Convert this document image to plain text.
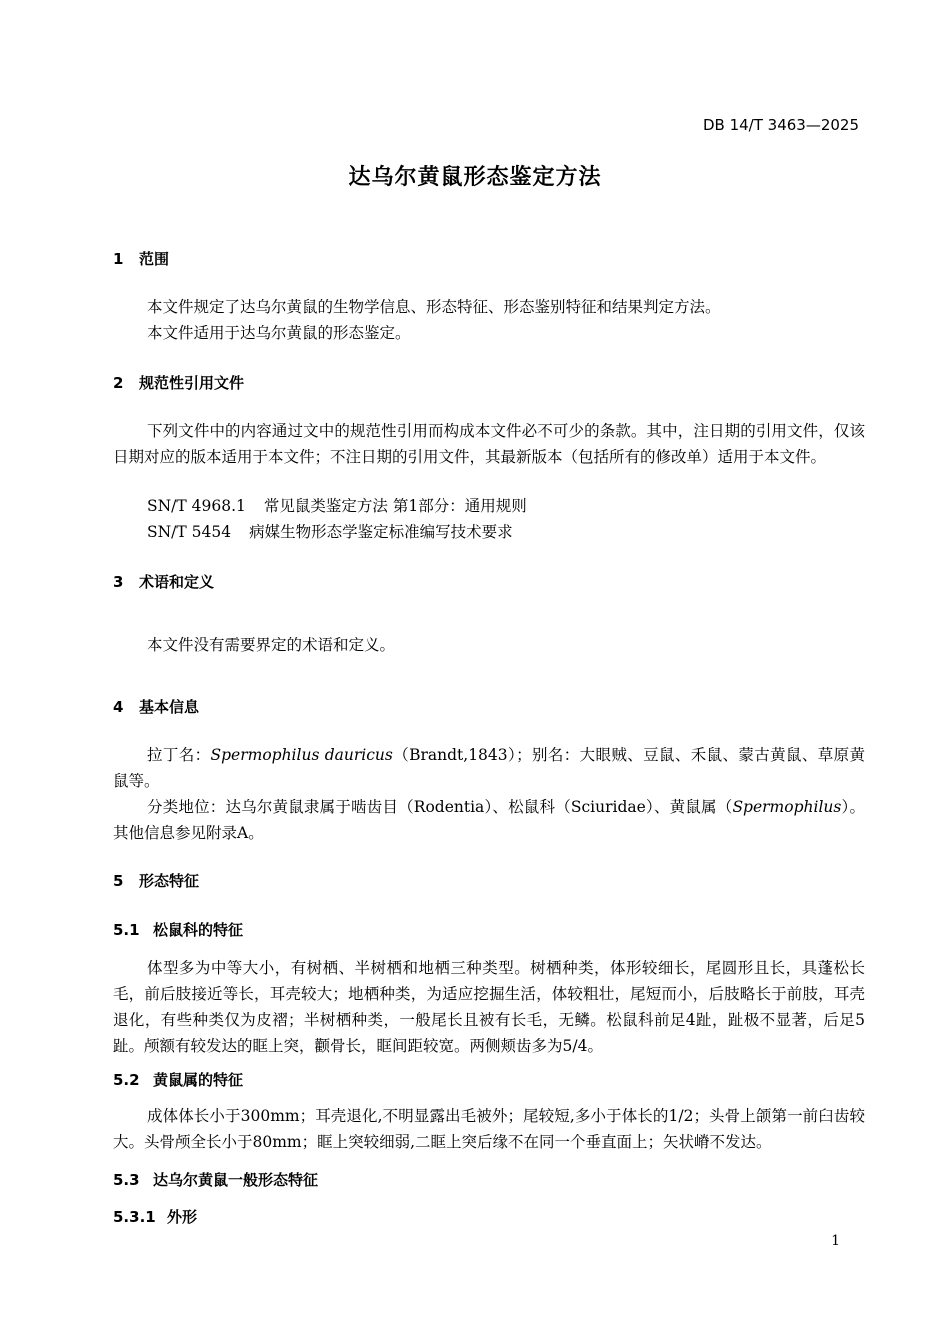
DB 14/T 3463—2025
达乌尔黄鼠形态鉴定方法
1 范围

本文件规定了达乌尔黄鼠的生物学信息、形态特征、形态鉴别特征和结果判定方法。

本文件适用于达乌尔黄鼠的形态鉴定。

2 规范性引用文件

下列文件中的内容通过文中的规范性引用而构成本文件必不可少的条款。其中，注日期的引用文件，仅该日期对应的版本适用于本文件；不注日期的引用文件，其最新版本（包括所有的修改单）适用于本文件。

SN/T 4968.1 常见鼠类鉴定方法 第1部分：通用规则
SN/T 5454 病媒生物形态学鉴定标准编写技术要求
3 术语和定义

本文件没有需要界定的术语和定义。

4 基本信息

拉丁名：Spermophilus dauricus（Brandt,1843）；别名：大眼贼、豆鼠、禾鼠、蒙古黄鼠、草原黄鼠等。

分类地位：达乌尔黄鼠隶属于啮齿目（Rodentia）、松鼠科（Sciuridae）、黄鼠属（Spermophilus）。其他信息参见附录A。

5 形态特征
5.1 松鼠科的特征

体型多为中等大小，有树栖、半树栖和地栖三种类型。树栖种类，体形较细长，尾圆形且长，具蓬松长毛，前后肢接近等长，耳壳较大；地栖种类，为适应挖掘生活，体较粗壮，尾短而小，后肢略长于前肢，耳壳退化，有些种类仅为皮褶；半树栖种类，一般尾长且被有长毛，无鳞。松鼠科前足4趾，趾极不显著，后足5趾。颅额有较发达的眶上突，颧骨长，眶间距较宽。两侧颊齿多为5/4。

5.2 黄鼠属的特征

成体体长小于300mm；耳壳退化,不明显露出毛被外；尾较短,多小于体长的1/2；头骨上颌第一前臼齿较大。头骨颅全长小于80mm；眶上突较细弱,二眶上突后缘不在同一个垂直面上；矢状嵴不发达。

5.3 达乌尔黄鼠一般形态特征
5.3.1 外形
1
